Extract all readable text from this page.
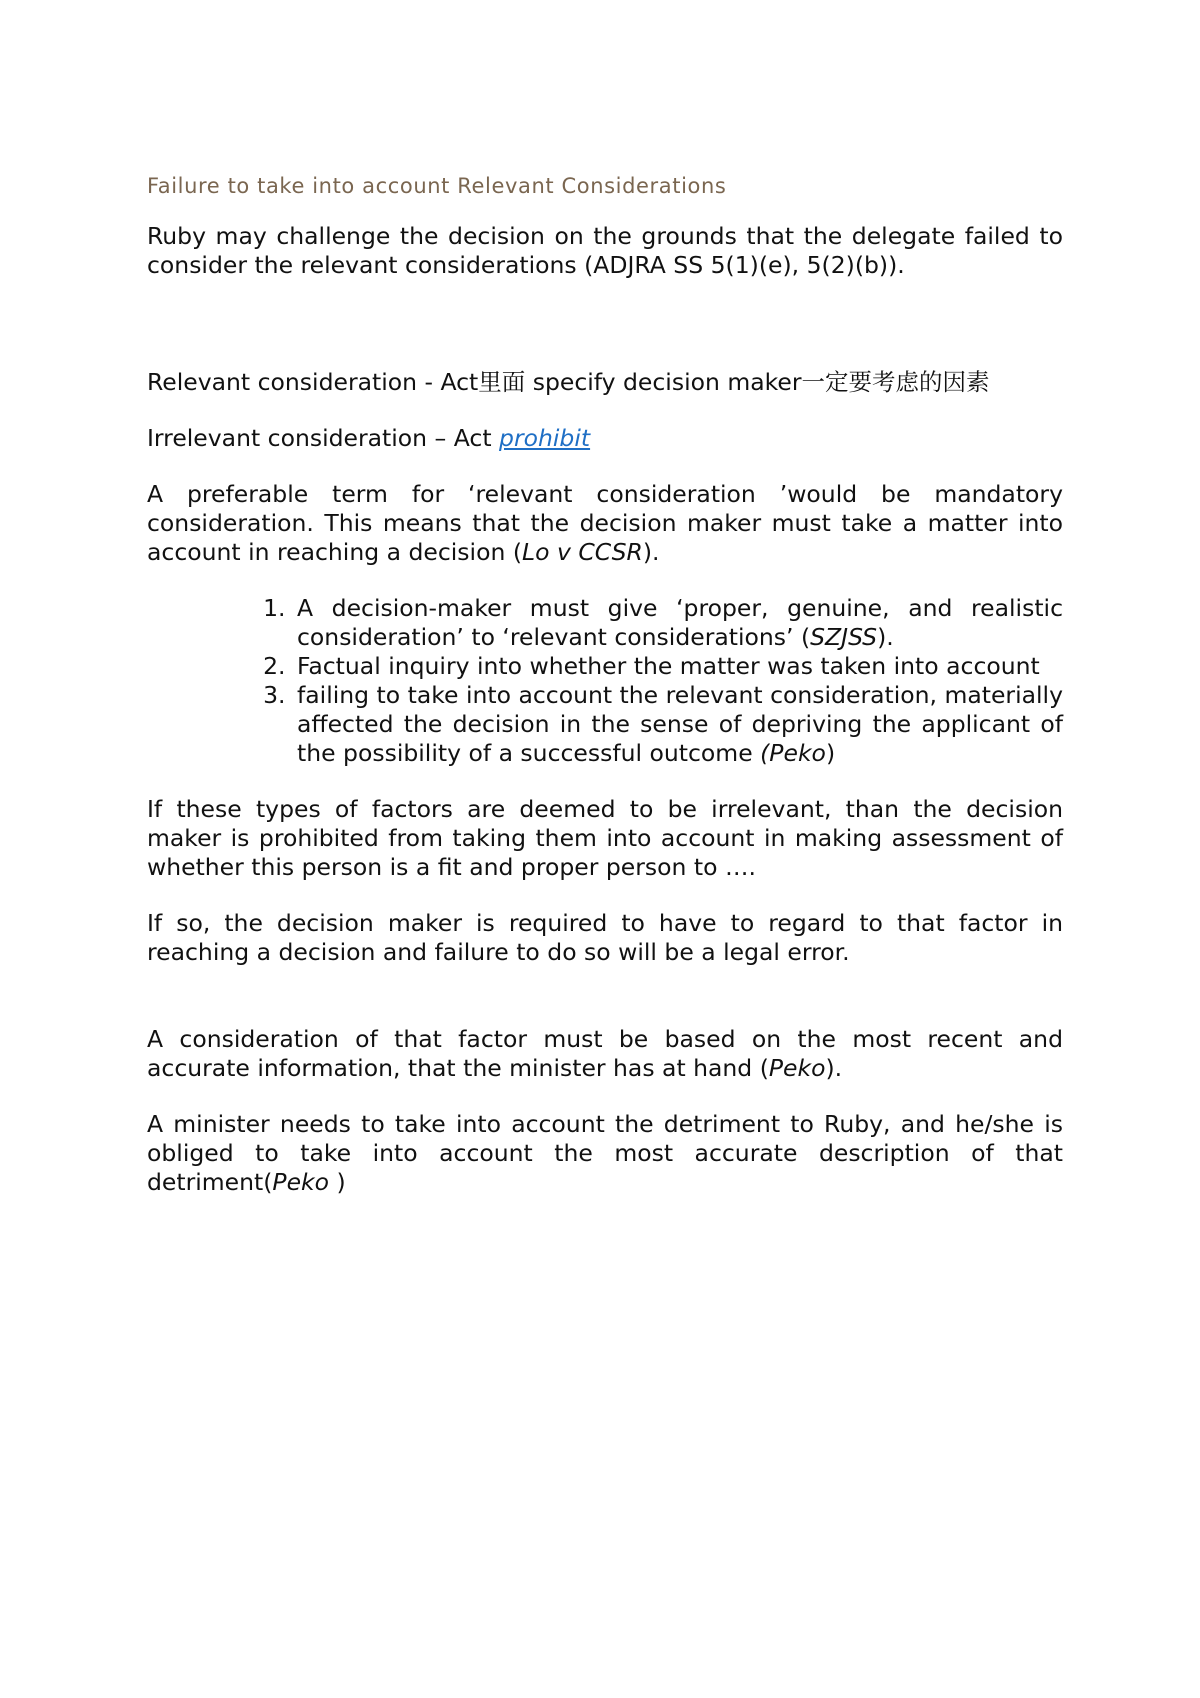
Failure to take into account Relevant Considerations

Ruby may challenge the decision on the grounds that the delegate failed to consider the relevant considerations (ADJRA SS 5(1)(e), 5(2)(b)).

Relevant consideration - Act里面 specify decision maker一定要考虑的因素

Irrelevant consideration – Act prohibit

A preferable term for ‘relevant consideration ’would be mandatory consideration. This means that the decision maker must take a matter into account in reaching a decision (Lo v CCSR).

1. A decision-maker must give ‘proper, genuine, and realistic consideration’ to ‘relevant considerations’ (SZJSS).
2. Factual inquiry into whether the matter was taken into account
3. failing to take into account the relevant consideration, materially affected the decision in the sense of depriving the applicant of the possibility of a successful outcome (Peko)

If these types of factors are deemed to be irrelevant, than the decision maker is prohibited from taking them into account in making assessment of whether this person is a fit and proper person to ….

If so, the decision maker is required to have to regard to that factor in reaching a decision and failure to do so will be a legal error.

A consideration of that factor must be based on the most recent and accurate information, that the minister has at hand (Peko).

A minister needs to take into account the detriment to Ruby, and he/she is obliged to take into account the most accurate description of that detriment(Peko )
